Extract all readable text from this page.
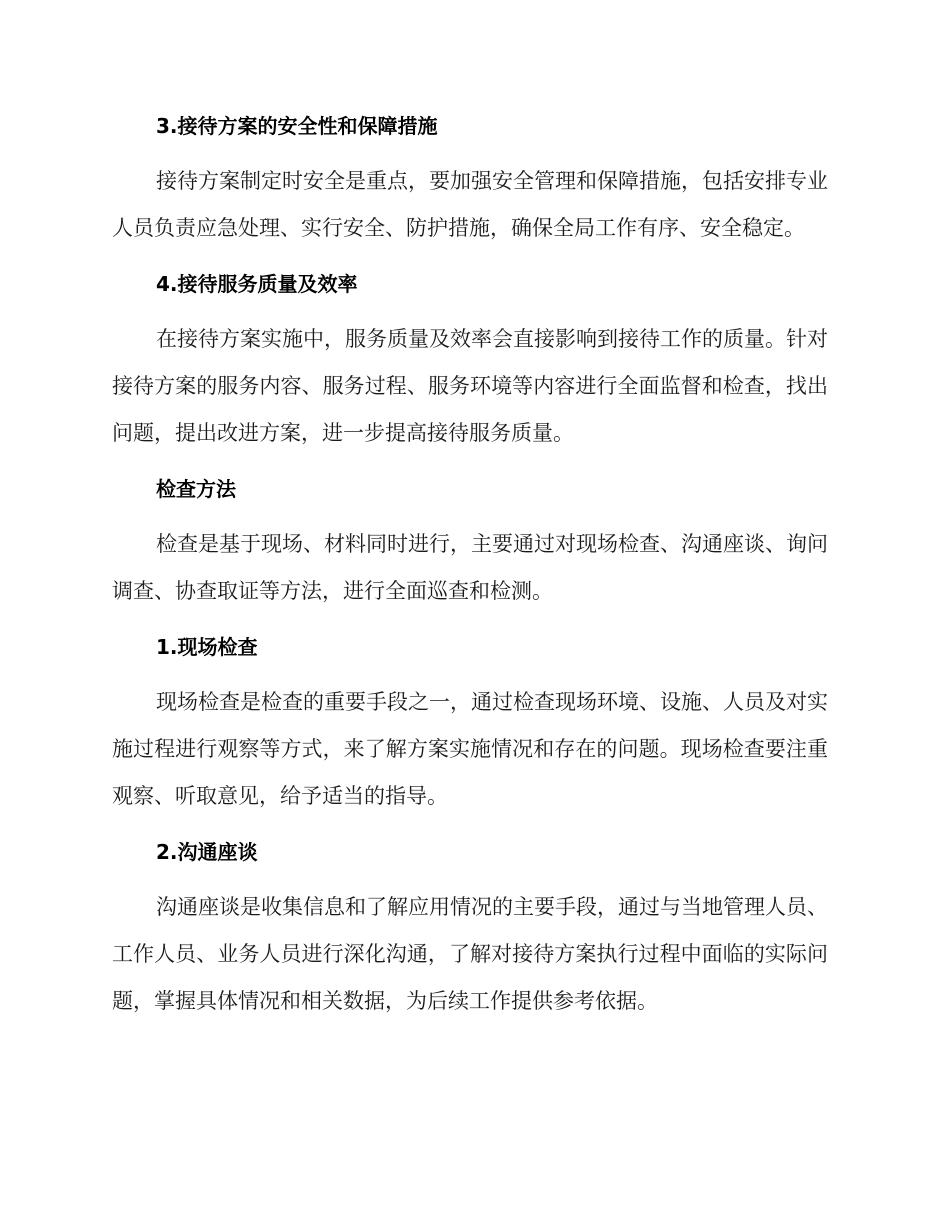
3.接待方案的安全性和保障措施

接待方案制定时安全是重点，要加强安全管理和保障措施，包括安排专业人员负责应急处理、实行安全、防护措施，确保全局工作有序、安全稳定。

4.接待服务质量及效率

在接待方案实施中，服务质量及效率会直接影响到接待工作的质量。针对接待方案的服务内容、服务过程、服务环境等内容进行全面监督和检查，找出问题，提出改进方案，进一步提高接待服务质量。

检查方法

检查是基于现场、材料同时进行，主要通过对现场检查、沟通座谈、询问调查、协查取证等方法，进行全面巡查和检测。

1.现场检查

现场检查是检查的重要手段之一，通过检查现场环境、设施、人员及对实施过程进行观察等方式，来了解方案实施情况和存在的问题。现场检查要注重观察、听取意见，给予适当的指导。

2.沟通座谈

沟通座谈是收集信息和了解应用情况的主要手段，通过与当地管理人员、工作人员、业务人员进行深化沟通，了解对接待方案执行过程中面临的实际问题，掌握具体情况和相关数据，为后续工作提供参考依据。
